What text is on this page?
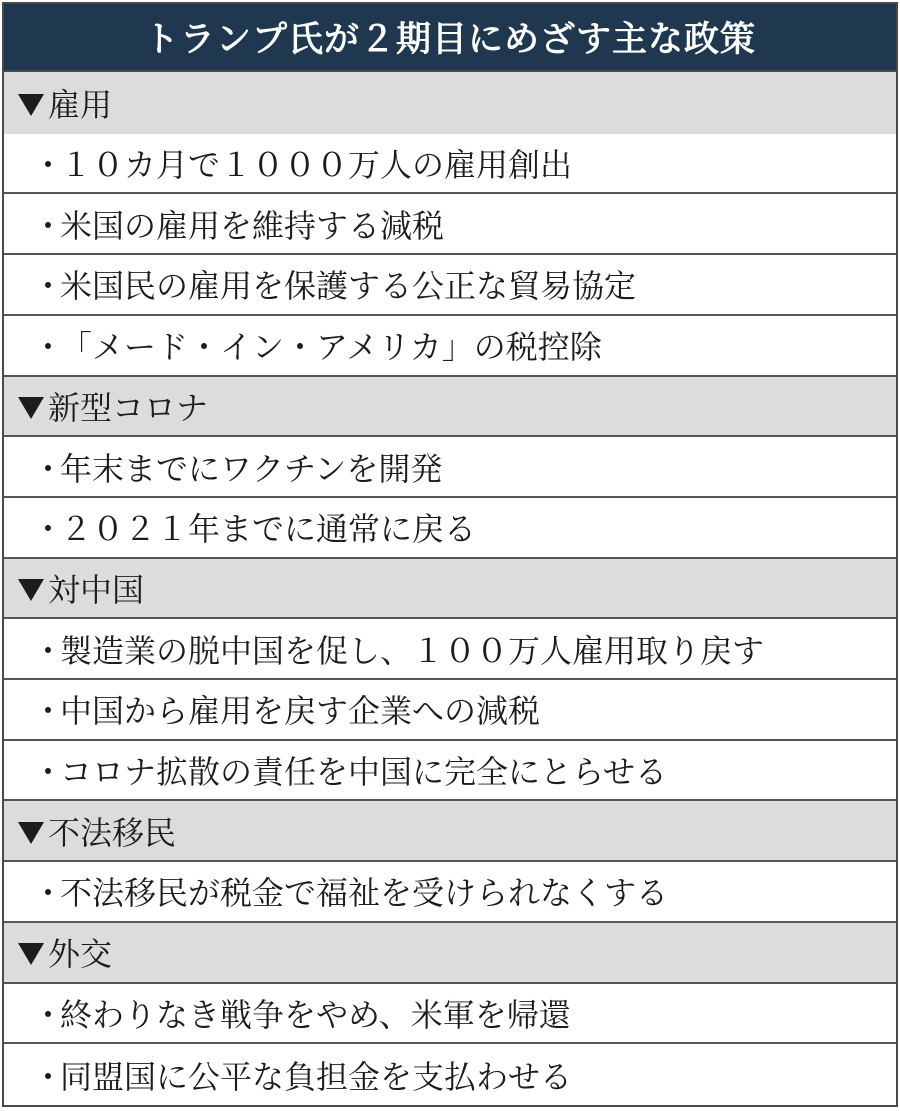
トランプ氏が２期目にめざす主な政策
雇用
・
１０カ月で１０００万人の雇用創出
・
米国の雇用を維持する減税
・
米国民の雇用を保護する公正な貿易協定
・
「メード・イン・アメリカ」の税控除
新型コロナ
・
年末までにワクチンを開発
・
２０２１年までに通常に戻る
対中国
・
製造業の脱中国を促し、１００万人雇用取り戻す
・
中国から雇用を戻す企業への減税
・
コロナ拡散の責任を中国に完全にとらせる
不法移民
・
不法移民が税金で福祉を受けられなくする
外交
・
終わりなき戦争をやめ、米軍を帰還
・
同盟国に公平な負担金を支払わせる
